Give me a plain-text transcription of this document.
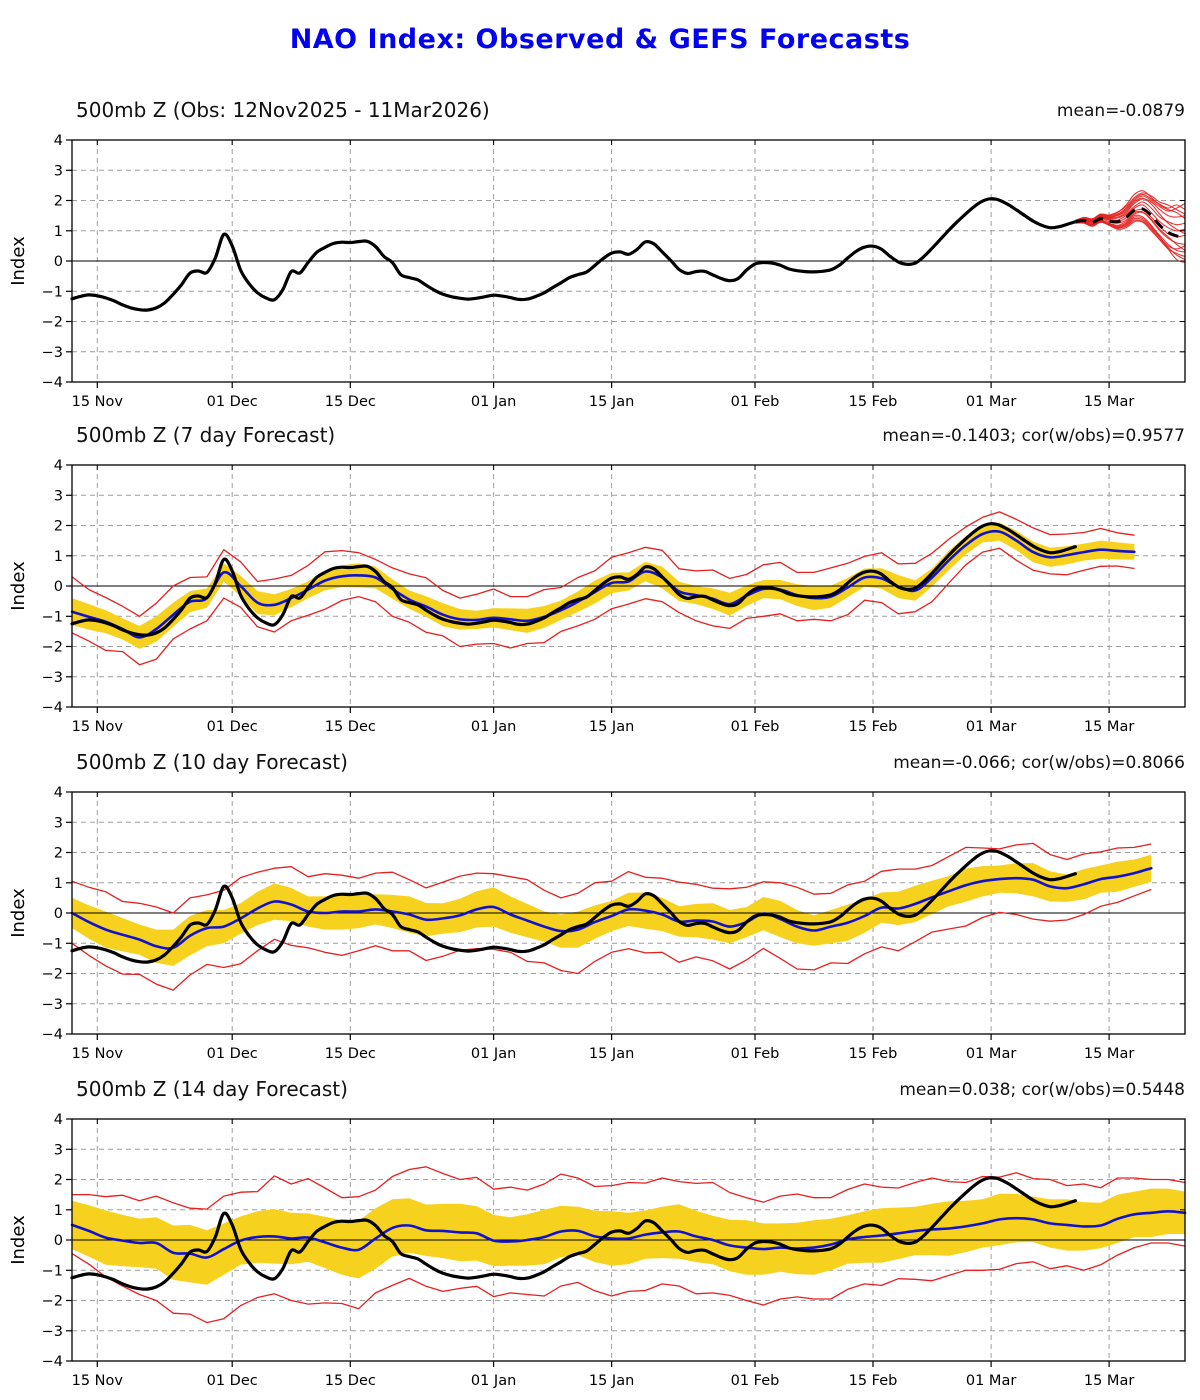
NAO Index: Observed & GEFS Forecasts
500mb Z (Obs: 12Nov2025 - 11Mar2026)	mean=-0.0879
15 Nov	01 Dec	15 Dec	01 Jan	15 Jan	01 Feb	15 Feb	01 Mar	15 Mar
−4
−3
−2
−1
0
1
2
3
4
Index
500mb Z (7 day Forecast)	mean=-0.1403; cor(w/obs)=0.9577
15 Nov	01 Dec	15 Dec	01 Jan	15 Jan	01 Feb	15 Feb	01 Mar	15 Mar
−4
−3
−2
−1
0
1
2
3
4
Index
500mb Z (10 day Forecast)	mean=-0.066; cor(w/obs)=0.8066
15 Nov	01 Dec	15 Dec	01 Jan	15 Jan	01 Feb	15 Feb	01 Mar	15 Mar
−4
−3
−2
−1
0
1
2
3
4
Index
500mb Z (14 day Forecast)	mean=0.038; cor(w/obs)=0.5448
15 Nov	01 Dec	15 Dec	01 Jan	15 Jan	01 Feb	15 Feb	01 Mar	15 Mar
−4
−3
−2
−1
0
1
2
3
4
Index
